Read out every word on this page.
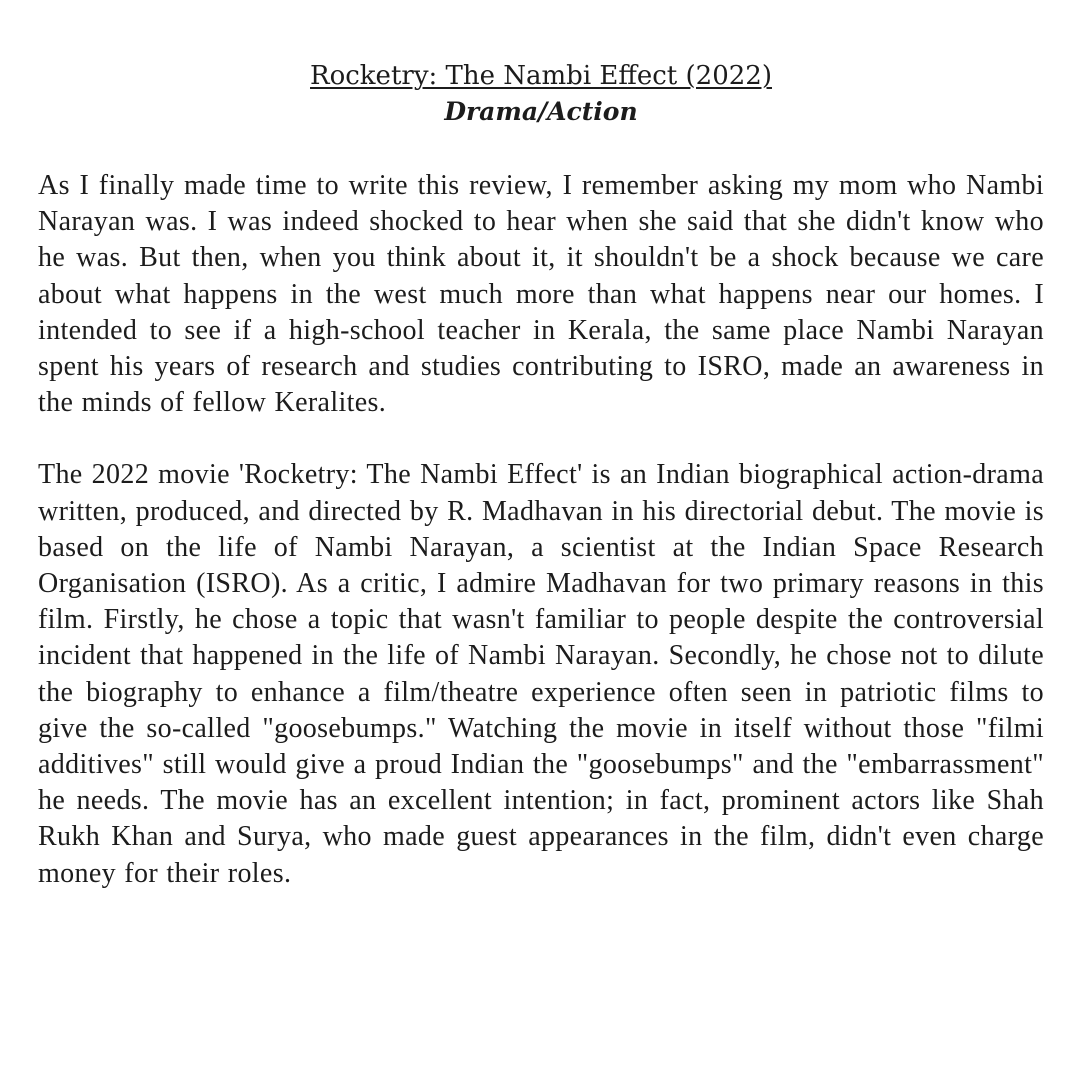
Rocketry: The Nambi Effect (2022)

Drama/Action

As I finally made time to write this review, I remember asking my mom who Nambi Narayan was. I was indeed shocked to hear when she said that she didn't know who he was. But then, when you think about it, it shouldn't be a shock because we care about what happens in the west much more than what happens near our homes. I intended to see if a high-school teacher in Kerala, the same place Nambi Narayan spent his years of research and studies contributing to ISRO, made an awareness in the minds of fellow Keralites.

The 2022 movie 'Rocketry: The Nambi Effect' is an Indian biographical action-drama written, produced, and directed by R. Madhavan in his directorial debut. The movie is based on the life of Nambi Narayan, a scientist at the Indian Space Research Organisation (ISRO). As a critic, I admire Madhavan for two primary reasons in this film. Firstly, he chose a topic that wasn't familiar to people despite the controversial incident that happened in the life of Nambi Narayan. Secondly, he chose not to dilute the biography to enhance a film/theatre experience often seen in patriotic films to give the so-called "goosebumps." Watching the movie in itself without those "filmi additives" still would give a proud Indian the "goosebumps" and the "embarrassment" he needs. The movie has an excellent intention; in fact, prominent actors like Shah Rukh Khan and Surya, who made guest appearances in the film, didn't even charge money for their roles.
